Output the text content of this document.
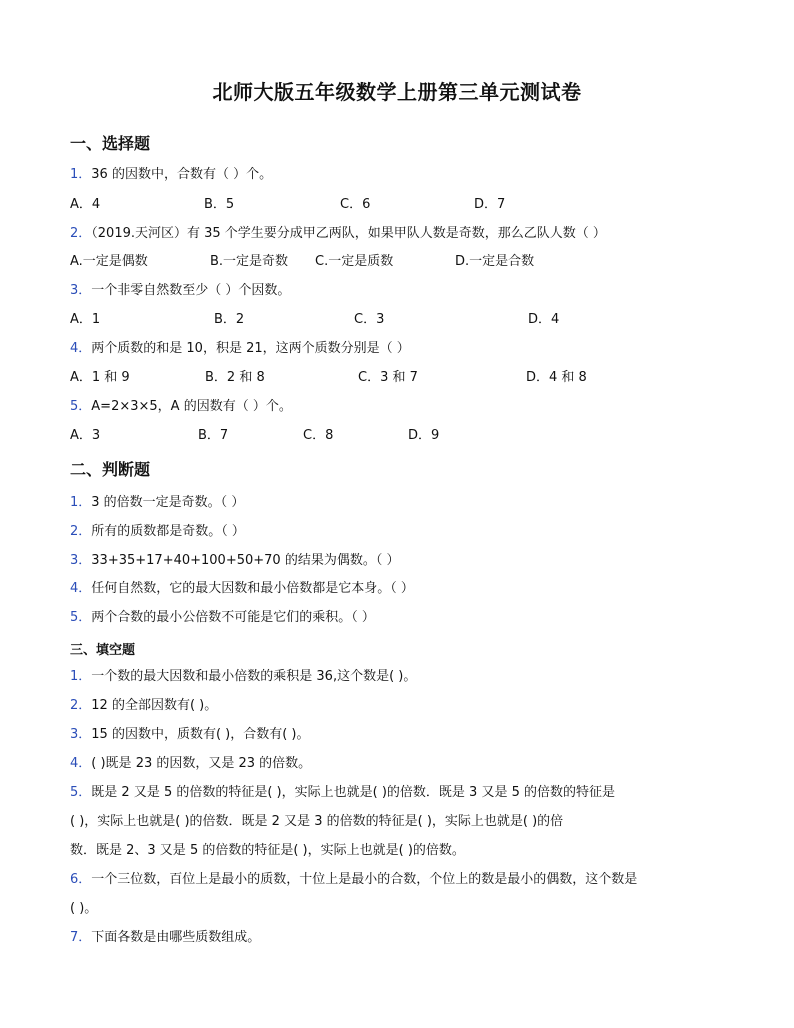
北师大版五年级数学上册第三单元测试卷
一、选择题
1．36 的因数中，合数有（ ）个。
A．4	B．5	C．6	D．7
2．（2019.天河区）有 35 个学生要分成甲乙两队，如果甲队人数是奇数，那么乙队人数（ ）
A.一定是偶数	B.一定是奇数 C.一定是质数	D.一定是合数
3．一个非零自然数至少（ ）个因数。
A．1	B．2	C．3	D．4
4．两个质数的和是 10，积是 21，这两个质数分别是（ ）
A．1 和 9	B．2 和 8	C．3 和 7	D．4 和 8
5．A=2×3×5，A 的因数有（ ）个。
A．3	B．7	C．8	D．9
二、判断题
1．3 的倍数一定是奇数。（ ）
2．所有的质数都是奇数。（ ）
3．33+35+17+40+100+50+70 的结果为偶数。（ ）
4．任何自然数，它的最大因数和最小倍数都是它本身。（ ）
5．两个合数的最小公倍数不可能是它们的乘积。（ ）
三、填空题
1．一个数的最大因数和最小倍数的乘积是 36,这个数是( )。
2．12 的全部因数有( )。
3．15 的因数中，质数有( )，合数有( )。
4．( )既是 23 的因数，又是 23 的倍数。
5．既是 2 又是 5 的倍数的特征是( )，实际上也就是( )的倍数．既是 3 又是 5 的倍数的特征是
( )，实际上也就是( )的倍数．既是 2 又是 3 的倍数的特征是( )，实际上也就是( )的倍
数．既是 2、3 又是 5 的倍数的特征是( )，实际上也就是( )的倍数。
6．一个三位数，百位上是最小的质数，十位上是最小的合数，个位上的数是最小的偶数，这个数是
( )。
7．下面各数是由哪些质数组成。
